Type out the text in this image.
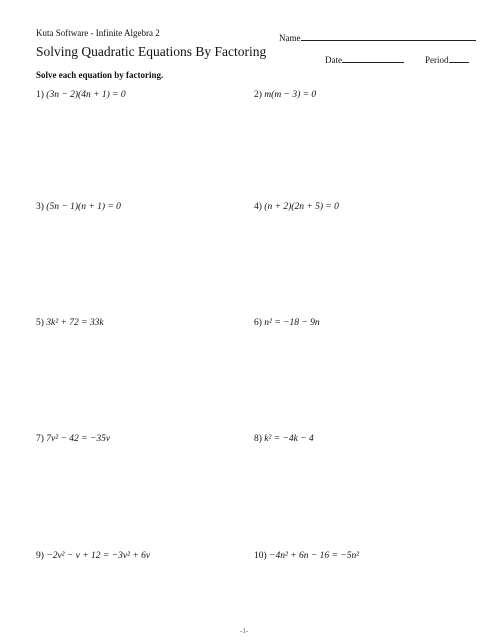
Kuta Software - Infinite Algebra 2	Name
Solving Quadratic Equations By Factoring
Date	Period
Solve each equation by factoring.
1) (3n − 2)(4n + 1) = 0	2) m(m − 3) = 0
3) (5n − 1)(n + 1) = 0	4) (n + 2)(2n + 5) = 0
5) 3k² + 72 = 33k	6) n² = −18 − 9n
7) 7v² − 42 = −35v	8) k² = −4k − 4
9) −2v² − v + 12 = −3v² + 6v	10) −4n² + 6n − 16 = −5n²
-1-
